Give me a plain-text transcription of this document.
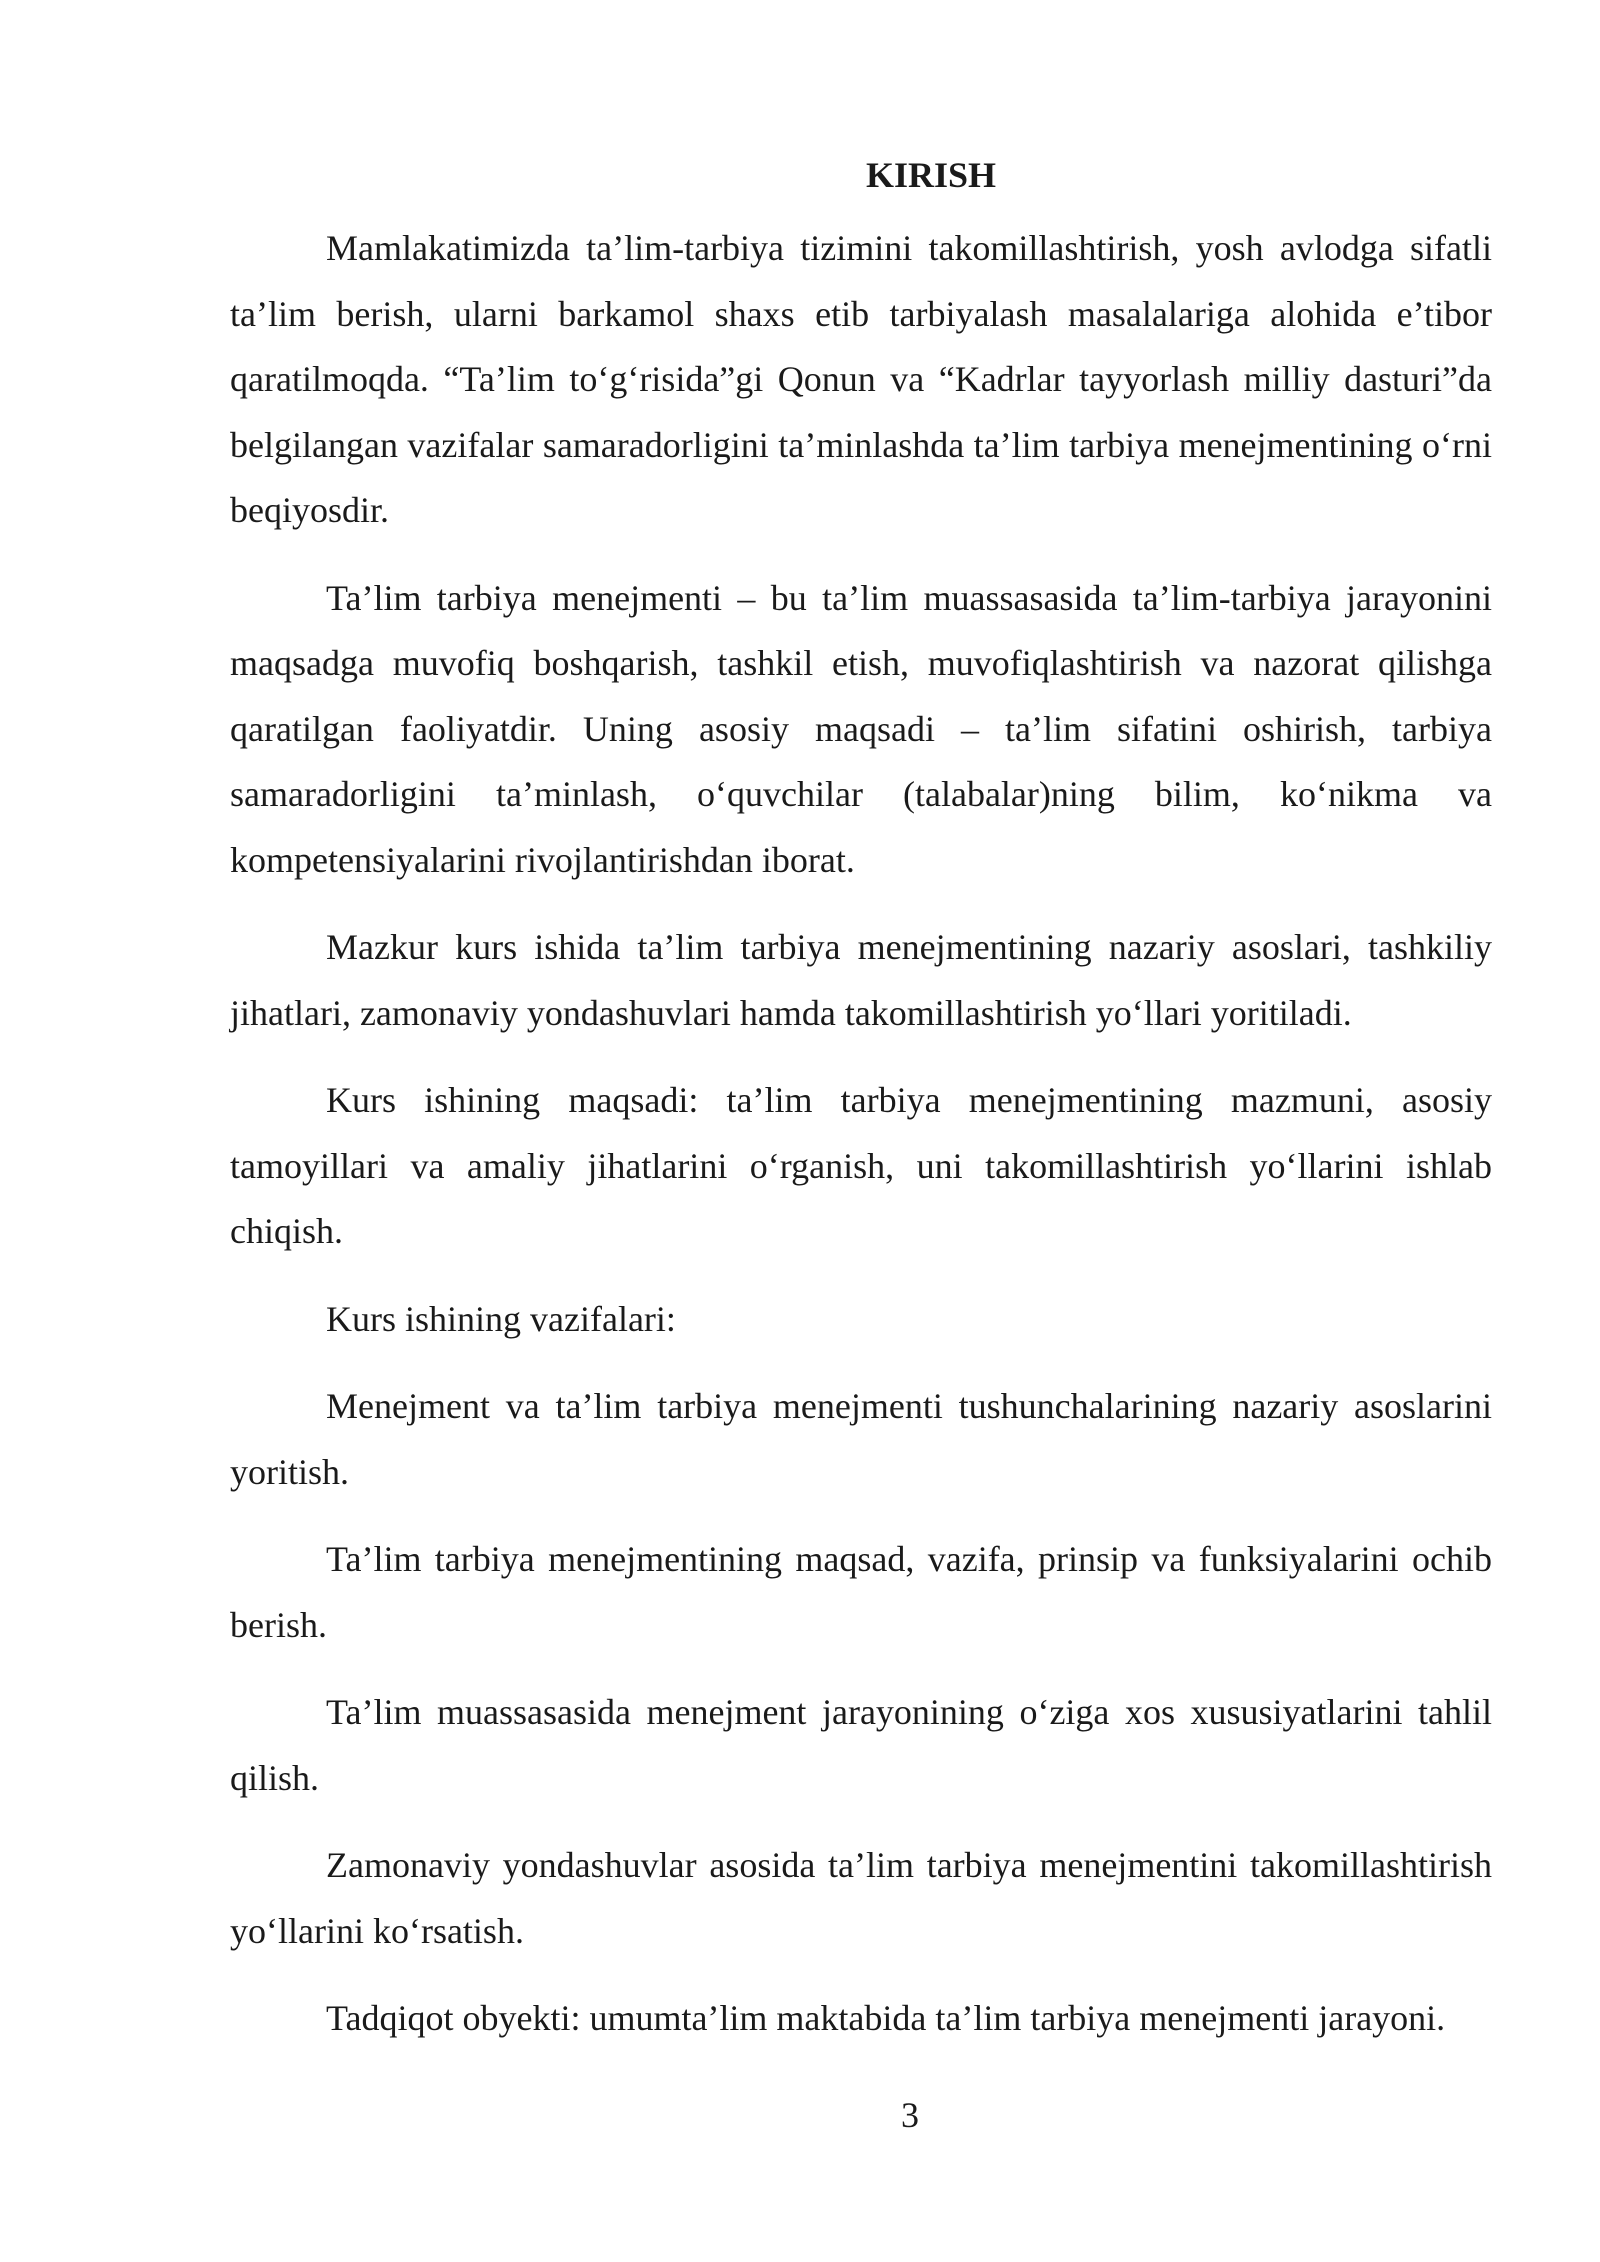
KIRISH

Mamlakatimizda ta’lim-tarbiya tizimini takomillashtirish, yosh avlodga sifatli ta’lim berish, ularni barkamol shaxs etib tarbiyalash masalalariga alohida e’tibor qaratilmoqda. “Ta’lim to‘g‘risida”gi Qonun va “Kadrlar tayyorlash milliy dasturi”da belgilangan vazifalar samaradorligini ta’minlashda ta’lim tarbiya menejmentining o‘rni beqiyosdir.

Ta’lim tarbiya menejmenti – bu ta’lim muassasasida ta’lim-tarbiya jarayonini maqsadga muvofiq boshqarish, tashkil etish, muvofiqlashtirish va nazorat qilishga qaratilgan faoliyatdir. Uning asosiy maqsadi – ta’lim sifatini oshirish, tarbiya samaradorligini ta’minlash, o‘quvchilar (talabalar)ning bilim, ko‘nikma va kompetensiyalarini rivojlantirishdan iborat.

Mazkur kurs ishida ta’lim tarbiya menejmentining nazariy asoslari, tashkiliy jihatlari, zamonaviy yondashuvlari hamda takomillashtirish yo‘llari yoritiladi.

Kurs ishining maqsadi: ta’lim tarbiya menejmentining mazmuni, asosiy tamoyillari va amaliy jihatlarini o‘rganish, uni takomillashtirish yo‘llarini ishlab chiqish.

Kurs ishining vazifalari:

Menejment va ta’lim tarbiya menejmenti tushunchalarining nazariy asoslarini yoritish.

Ta’lim tarbiya menejmentining maqsad, vazifa, prinsip va funksiyalarini ochib berish.

Ta’lim muassasasida menejment jarayonining o‘ziga xos xususiyatlarini tahlil qilish.

Zamonaviy yondashuvlar asosida ta’lim tarbiya menejmentini takomillashtirish yo‘llarini ko‘rsatish.

Tadqiqot obyekti: umumta’lim maktabida ta’lim tarbiya menejmenti jarayoni.

3
